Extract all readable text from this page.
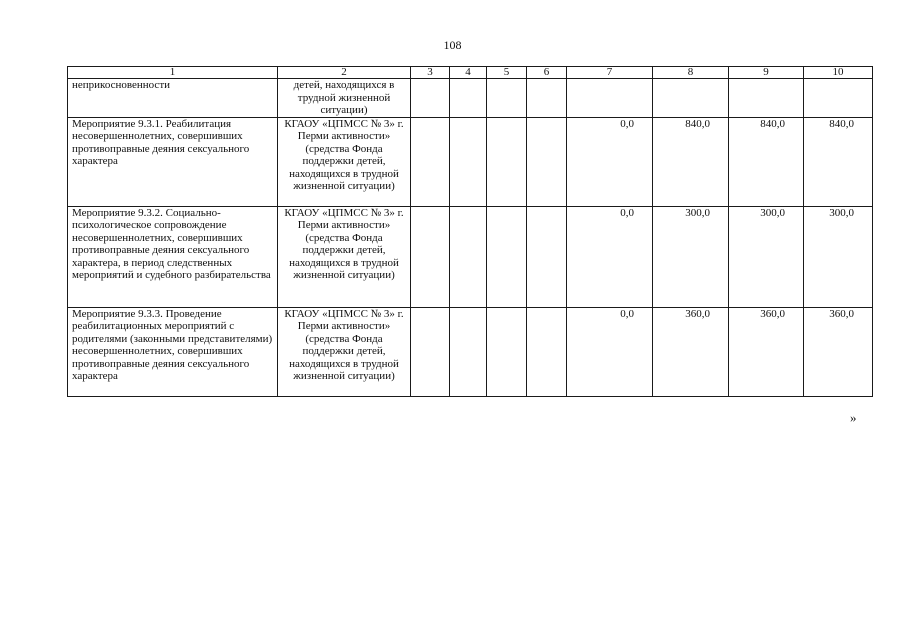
108
1	2	3	4	5	6	7	8	9	10
неприкосновенности	детей, находящихся в трудной жизненной ситуации)								
Мероприятие 9.3.1. Реабилитация несовершеннолетних, совершивших противоправные деяния сексуального характера	КГАОУ «ЦПМСС № 3» г. Перми активности» (средства Фонда поддержки детей, находящихся в трудной жизненной ситуации)					0,0	840,0	840,0	840,0
Мероприятие 9.3.2. Социально-психологическое сопровождение несовершеннолетних, совершивших противоправные деяния сексуального характера, в период следственных мероприятий и судебного разбирательства	КГАОУ «ЦПМСС № 3» г. Перми активности» (средства Фонда поддержки детей, находящихся в трудной жизненной ситуации)					0,0	300,0	300,0	300,0
Мероприятие 9.3.3. Проведение реабилитационных мероприятий с родителями (законными представителями) несовершеннолетних, совершивших противоправные деяния сексуального характера	КГАОУ «ЦПМСС № 3» г. Перми активности» (средства Фонда поддержки детей, находящихся в трудной жизненной ситуации)					0,0	360,0	360,0	360,0
»
